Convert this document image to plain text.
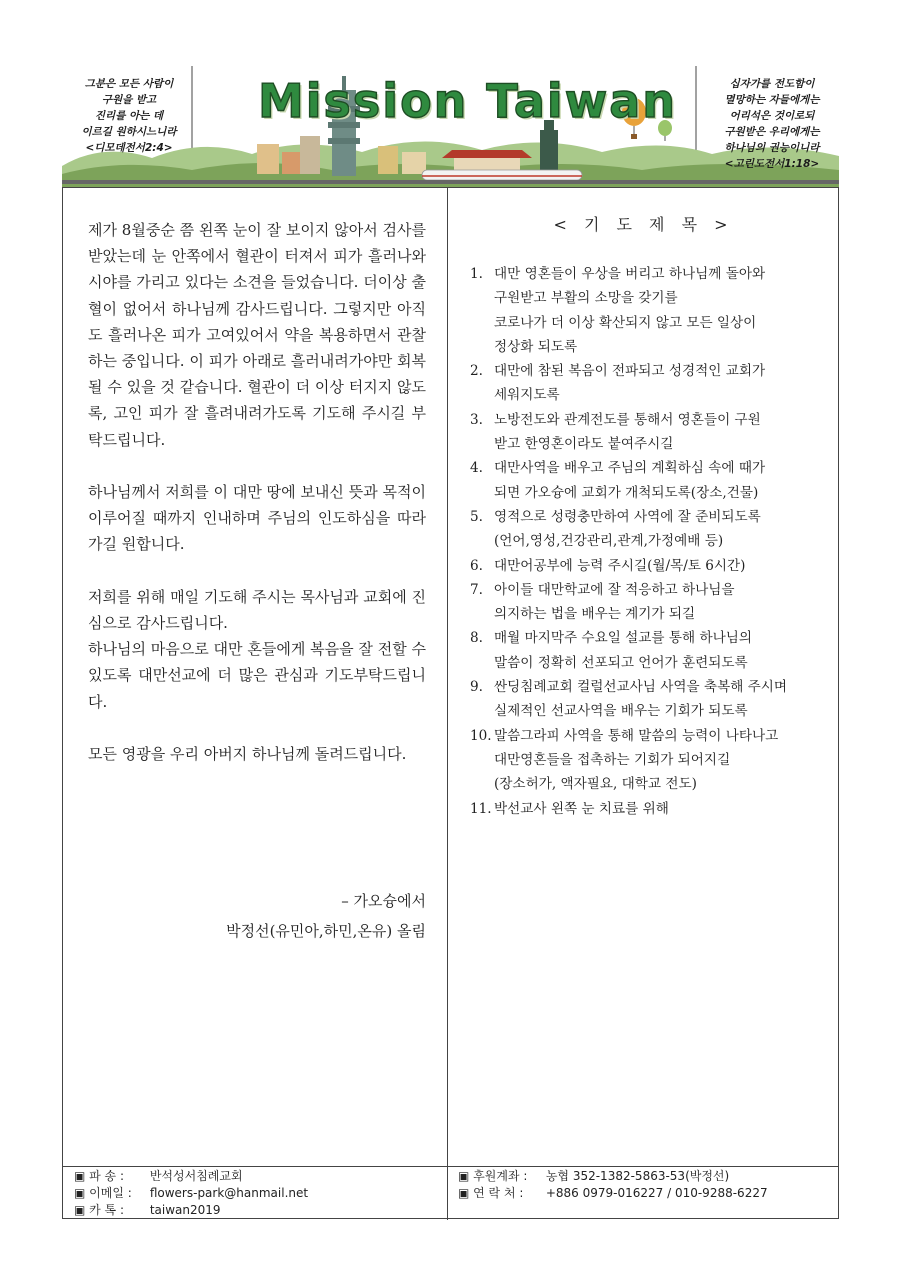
그분은 모든 사람이
구원을 받고
진리를 아는 데
이르길 원하시느니라
<디모데전서2:4>
Mission Taiwan	십자가를 전도함이
멸망하는 자들에게는
어리석은 것이로되
구원받은 우리에게는
하나님의 권능이니라
<고린도전서1:18>

제가 8월중순 쯤 왼쪽 눈이 잘 보이지 않아서 검사를 받았는데 눈 안쪽에서 혈관이 터져서 피가 흘러나와 시야를 가리고 있다는 소견을 들었습니다. 더이상 출혈이 없어서 하나님께 감사드립니다. 그렇지만 아직도 흘러나온 피가 고여있어서 약을 복용하면서 관찰하는 중입니다. 이 피가 아래로 흘러내려가야만 회복될 수 있을 것 같습니다. 혈관이 더 이상 터지지 않도록, 고인 피가 잘 흘려내려가도록 기도해 주시길 부탁드립니다.

하나님께서 저희를 이 대만 땅에 보내신 뜻과 목적이 이루어질 때까지 인내하며 주님의 인도하심을 따라 가길 원합니다.

저희를 위해 매일 기도해 주시는 목사님과 교회에 진심으로 감사드립니다.

하나님의 마음으로 대만 혼들에게 복음을 잘 전할 수 있도록 대만선교에 더 많은 관심과 기도부탁드립니다.

모든 영광을 우리 아버지 하나님께 돌려드립니다.

– 가오슝에서
박정선(유민아,하민,온유) 올림
< 기 도 제 목 >
1. 대만 영혼들이 우상을 버리고 하나님께 돌아와
구원받고 부활의 소망을 갖기를
코로나가 더 이상 확산되지 않고 모든 일상이
정상화 되도록
2. 대만에 참된 복음이 전파되고 성경적인 교회가
세워지도록
3. 노방전도와 관계전도를 통해서 영혼들이 구원
받고 한영혼이라도 붙여주시길
4. 대만사역을 배우고 주님의 계획하심 속에 때가
되면 가오슝에 교회가 개척되도록(장소,건물)
5. 영적으로 성령충만하여 사역에 잘 준비되도록
(언어,영성,건강관리,관계,가정예배 등)
6. 대만어공부에 능력 주시길(월/목/토 6시간)
7. 아이들 대만학교에 잘 적응하고 하나님을
의지하는 법을 배우는 계기가 되길
8. 매월 마지막주 수요일 설교를 통해 하나님의
말씀이 정확히 선포되고 언어가 훈련되도록
9. 싼딩침례교회 컬럴선교사님 사역을 축복해 주시며
실제적인 선교사역을 배우는 기회가 되도록
10. 말씀그라피 사역을 통해 말씀의 능력이 나타나고
대만영혼들을 접촉하는 기회가 되어지길
(장소허가, 액자필요, 대학교 전도)
11. 박선교사 왼쪽 눈 치료를 위해
▣ 파 송 : 반석성서침례교회
▣ 이메일 : flowers-park@hanmail.net
▣ 카 톡 : taiwan2019
▣ 후원계좌 : 농협 352-1382-5863-53(박정선)
▣ 연 락 처 : +886 0979-016227 / 010-9288-6227
